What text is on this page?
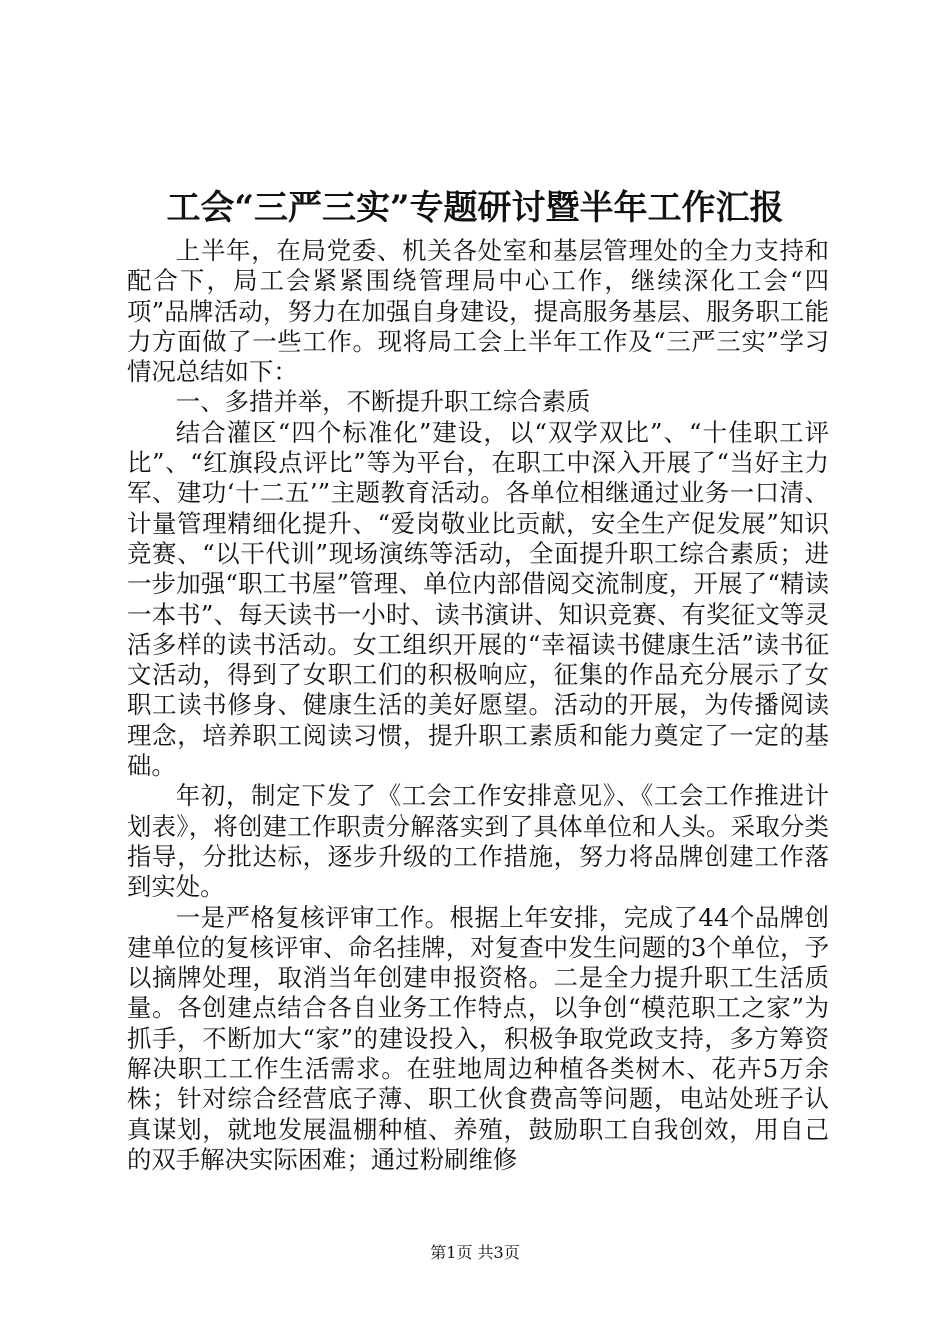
工会“三严三实”专题研讨暨半年工作汇报

上半年，在局党委、机关各处室和基层管理处的全力支持和配合下，局工会紧紧围绕管理局中心工作，继续深化工会“四项”品牌活动，努力在加强自身建设，提高服务基层、服务职工能力方面做了一些工作。现将局工会上半年工作及“三严三实”学习情况总结如下：

一、多措并举，不断提升职工综合素质

结合灌区“四个标准化”建设，以“双学双比”、“十佳职工评比”、“红旗段点评比”等为平台，在职工中深入开展了“当好主力军、建功‘十二五’”主题教育活动。各单位相继通过业务一口清、计量管理精细化提升、“爱岗敬业比贡献，安全生产促发展”知识竞赛、“以干代训”现场演练等活动，全面提升职工综合素质；进一步加强“职工书屋”管理、单位内部借阅交流制度，开展了“精读一本书”、每天读书一小时、读书演讲、知识竞赛、有奖征文等灵活多样的读书活动。女工组织开展的“幸福读书健康生活”读书征文活动，得到了女职工们的积极响应，征集的作品充分展示了女职工读书修身、健康生活的美好愿望。活动的开展，为传播阅读理念，培养职工阅读习惯，提升职工素质和能力奠定了一定的基础。

年初，制定下发了《工会工作安排意见》、《工会工作推进计划表》，将创建工作职责分解落实到了具体单位和人头。采取分类指导，分批达标，逐步升级的工作措施，努力将品牌创建工作落到实处。

一是严格复核评审工作。根据上年安排，完成了44个品牌创建单位的复核评审、命名挂牌，对复查中发生问题的3个单位，予以摘牌处理，取消当年创建申报资格。二是全力提升职工生活质量。各创建点结合各自业务工作特点，以争创“模范职工之家”为抓手，不断加大“家”的建设投入，积极争取党政支持，多方筹资解决职工工作生活需求。在驻地周边种植各类树木、花卉5万余株；针对综合经营底子薄、职工伙食费高等问题，电站处班子认真谋划，就地发展温棚种植、养殖，鼓励职工自我创效，用自己的双手解决实际困难；通过粉刷维修

第1页 共3页
